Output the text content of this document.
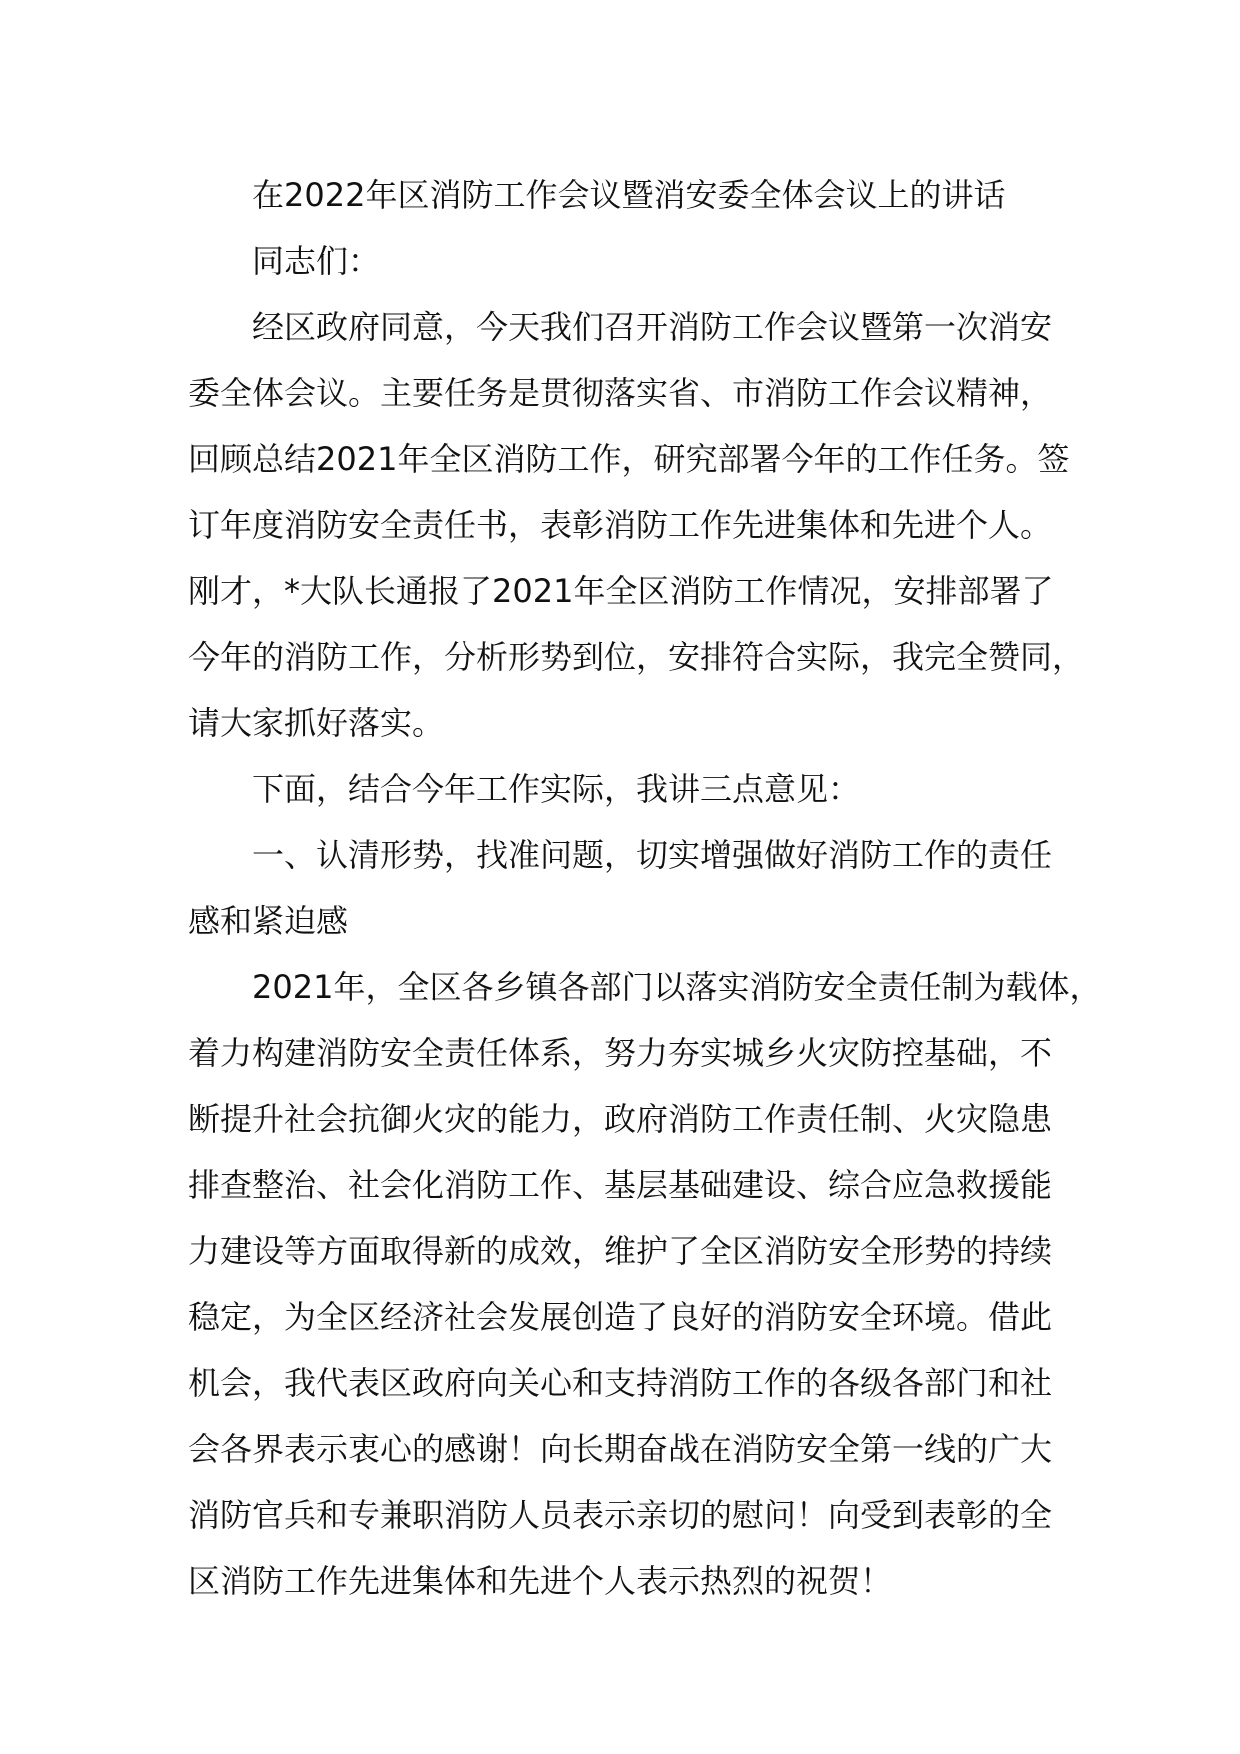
在2022年区消防工作会议暨消安委全体会议上的讲话
同志们：
经区政府同意，今天我们召开消防工作会议暨第一次消安
委全体会议。主要任务是贯彻落实省、市消防工作会议精神，
回顾总结2021年全区消防工作，研究部署今年的工作任务。签
订年度消防安全责任书，表彰消防工作先进集体和先进个人。
刚才，*大队长通报了2021年全区消防工作情况，安排部署了
今年的消防工作，分析形势到位，安排符合实际，我完全赞同，
请大家抓好落实。
下面，结合今年工作实际，我讲三点意见：
一、认清形势，找准问题，切实增强做好消防工作的责任
感和紧迫感
2021年，全区各乡镇各部门以落实消防安全责任制为载体，
着力构建消防安全责任体系，努力夯实城乡火灾防控基础，不
断提升社会抗御火灾的能力，政府消防工作责任制、火灾隐患
排查整治、社会化消防工作、基层基础建设、综合应急救援能
力建设等方面取得新的成效，维护了全区消防安全形势的持续
稳定，为全区经济社会发展创造了良好的消防安全环境。借此
机会，我代表区政府向关心和支持消防工作的各级各部门和社
会各界表示衷心的感谢！向长期奋战在消防安全第一线的广大
消防官兵和专兼职消防人员表示亲切的慰问！向受到表彰的全
区消防工作先进集体和先进个人表示热烈的祝贺！
